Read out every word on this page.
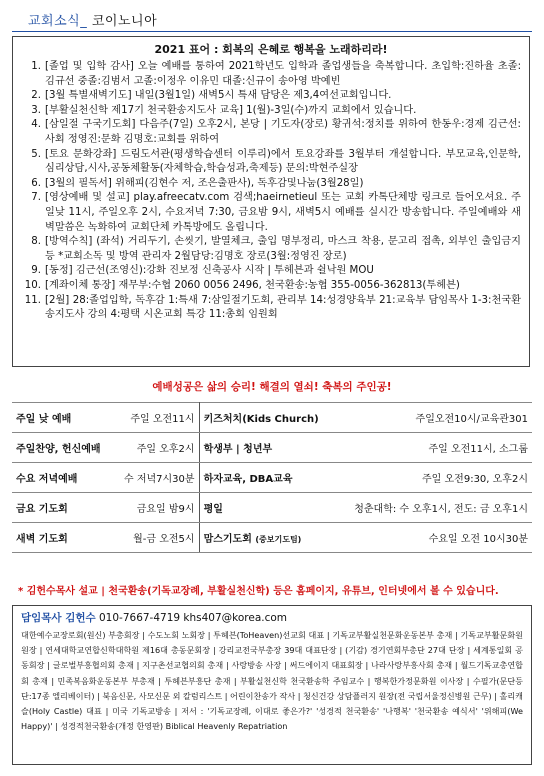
교회소식_ 코이노니아
2021 표어 : 회복의 은혜로 행복을 노래하리라!
1. [졸업 및 입학 감사] 오늘 예배를 통하여 2021학년도 입학과 졸업생들을 축복합니다. 초입학:진하율 초졸:김규선 중졸:김범서 고졸:이정우 이유민 대졸:신규이 송아영 박예빈
2. [3월 특별새벽기도] 내일(3월1일) 새벽5시 특새 담당은 제3,4여선교회입니다.
3. [부활실천신학 제17기 천국환송지도사 교육] 1(월)-3일(수)까지 교회에서 있습니다.
4. [삼일절 구국기도회] 다음주(7일) 오후2시, 본당 | 기도자(장로) 황귀석:정치를 위하여 한동우:경제 김근선:사회 정영진:문화 김명호:교회를 위하여
5. [토요 문화강좌] 드림도서관(평생학습센터 이루리)에서 토요강좌를 3월부터 개설합니다. 부모교육,인문학,심리상담,시사,공동체활동(자체학습,학습성과,축제등) 문의:박현주실장
6. [3월의 필독서] 위해피(김현수 저, 조은출판사), 독후감및나눔(3월28일)
7. [영상예배 및 설교] play.afreecatv.com 검색;haeirnetieul 또는 교회 카톡단체방 링크로 들어오셔요. 주일낮 11시, 주일오후 2시, 수요저녁 7:30, 금요밤 9시, 새벽5시 예배를 실시간 방송합니다. 주일예배와 새벽말씀은 녹화하여 교회단체 카톡방에도 올립니다.
8. [방역수칙] (좌석) 거리두기, 손씻기, 발열체크, 출입 명부정리, 마스크 착용, 문고리 접촉, 외부인 출입금지 등 *교회소독 및 방역 관리자 2월담당:김명호 장로(3월:정영진 장로)
9. [동정] 김근선(조영신):강화 진보정 신축공사 시작 | 투헤븐과 쉴낙원 MOU
10. [계좌이체 통장] 재무부:수협 2060 0056 2496, 천국환송:농협 355-0056-362813(투헤븐)
11. [2월] 28:졸업입학, 독후감 1:특새 7:삼일절기도회, 관리부 14:성경양육부 21:교육부 담임목사 1-3:천국환송지도사 강의 4:평택 시온교회 특강 11:총회 임원회
예배성공은 삶의 승리! 해결의 열쇠! 축복의 주인공!
주일 낮 예배	주일 오전11시	키즈처치(Kids Church)	주일오전10시/교육관301
주일찬양, 헌신예배	주일 오후2시	학생부 | 청년부	주일 오전11시, 소그룹
수요 저녁예배	수 저녁7시30분	하자교육, DBA교육	주일 오전9:30, 오후2시
금요 기도회	금요일 밤9시	평일	청춘대학: 수 오후1시, 전도: 금 오후1시
새벽 기도회	월-금 오전5시	맘스기도회 (중보기도팀)	수요일 오전 10시30분
* 김헌수목사 설교 | 천국환송(기독교장례, 부활실천신학) 등은 홈페이지, 유튜브, 인터넷에서 볼 수 있습니다.
담임목사 김헌수 010-7667-4719 khs407@korea.com
대한예수교장로회(원신) 부총회장 | 수도노회 노회장 | 투헤븐(ToHeaven)선교회 대표 | 기독교부활실천문화운동본부 총재 | 기독교부활문화원 원장 | 연세대학교연합신학대학원 제16대 총동문회장 | 강리교전국부총장 39대 대표단장 | (기감) 경기연회부총단 27대 단장 | 세계통일회 공동회장 | 글로벌부흥협의회 총재 | 지구촌선교협의회 총재 | 사랑방송 사장 | 써드에이지 대표회장 | 나라사랑부흥사회 총재 | 월드기독교총연합회 총재 | 민족복음화운동본부 부총재 | 투헤븐부흥단 총재 | 부활실천신학 천국환송학 주임교수 | 행복한가정문화원 이사장 | 수필가(문단등단:17종 엘리베이터) | 북음신문, 사모신문 외 칼럼리스트 | 어린이찬송가 작사 | 청신건강 상담플러지 원장(전 국립서울정신병원 근무) | 홀리캐슬(Holy Castle) 대표 | 미국 기독교방송 | 저서 : '기독교장례, 이대로 좋은가?' '성경적 천국환송' '나행복' '천국환송 예식서' '위해피(We Happy)' | 성경적천국환송(개정 한영판) Biblical Heavenly Repatriation
